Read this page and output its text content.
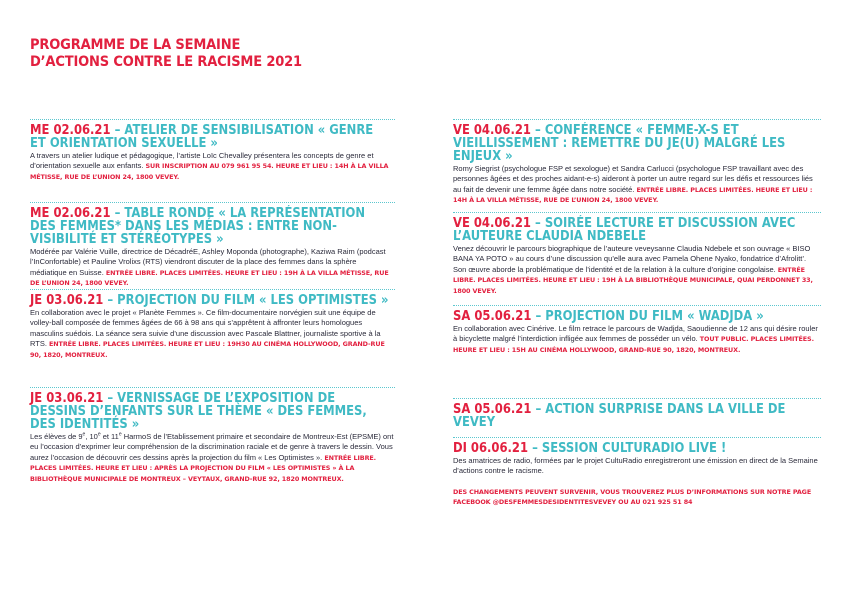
PROGRAMME DE LA SEMAINE
D’ACTIONS CONTRE LE RACISME 2021
ME 02.06.21 – ATELIER DE SENSIBILISATION « GENRE ET ORIENTATION SEXUELLE »
A travers un atelier ludique et pédagogique, l’artiste Loïc Chevalley présentera les concepts de genre et d’orientation sexuelle aux enfants. SUR INSCRIPTION AU 079 961 95 54. HEURE ET LIEU : 14H À LA VILLA MÉTISSE, RUE DE L’UNION 24, 1800 VEVEY.
ME 02.06.21 – TABLE RONDE « LA REPRÉSENTATION DES FEMMES* DANS LES MÉDIAS : ENTRE NON-VISIBILITÉ ET STÉRÉOTYPES »
Modérée par Valérie Vuille, directrice de DécadréE, Ashley Moponda (photographe), Kaziwa Raim (podcast l’InConfortable) et Pauline Vrolixs (RTS) viendront discuter de la place des femmes dans la sphère médiatique en Suisse. ENTRÉE LIBRE. PLACES LIMITÉES. HEURE ET LIEU : 19H À LA VILLA MÉTISSE, RUE DE L’UNION 24, 1800 VEVEY.
JE 03.06.21 – PROJECTION DU FILM « LES OPTIMISTES »
En collaboration avec le projet « Planète Femmes ». Ce film-documentaire norvégien suit une équipe de volley-ball composée de femmes âgées de 66 à 98 ans qui s’apprêtent à affronter leurs homologues masculins suédois. La séance sera suivie d’une discussion avec Pascale Blattner, journaliste sportive à la RTS. ENTRÉE LIBRE. PLACES LIMITÉES. HEURE ET LIEU : 19H30 AU CINÉMA HOLLYWOOD, GRAND-RUE 90, 1820, MONTREUX.
JE 03.06.21 – VERNISSAGE DE L’EXPOSITION DE DESSINS D’ENFANTS SUR LE THÈME « DES FEMMES, DES IDENTITÉS »
Les élèves de 9e, 10e et 11e HarmoS de l’Etablissement primaire et secondaire de Montreux-Est (EPSME) ont eu l’occasion d’exprimer leur compréhension de la discrimination raciale et de genre à travers le dessin. Vous aurez l’occasion de découvrir ces dessins après la projection du film « Les Optimistes ». ENTRÉE LIBRE. PLACES LIMITÉES. HEURE ET LIEU : APRÈS LA PROJECTION DU FILM « LES OPTIMISTES » À LA BIBLIOTHÈQUE MUNICIPALE DE MONTREUX – VEYTAUX, GRAND-RUE 92, 1820 MONTREUX.
VE 04.06.21 – CONFÉRENCE « FEMME-X-S ET VIEILLISSEMENT : REMETTRE DU JE(U) MALGRÉ LES ENJEUX »
Romy Siegrist (psychologue FSP et sexologue) et Sandra Carlucci (psychologue FSP travaillant avec des personnes âgées et des proches aidant-e-s) aideront à porter un autre regard sur les défis et ressources liés au fait de devenir une femme âgée dans notre société. ENTRÉE LIBRE. PLACES LIMITÉES. HEURE ET LIEU : 14H À LA VILLA MÉTISSE, RUE DE L’UNION 24, 1800 VEVEY.
VE 04.06.21 – SOIRÉE LECTURE ET DISCUSSION AVEC L’AUTEURE CLAUDIA NDEBELE
Venez découvrir le parcours biographique de l’auteure veveysanne Claudia Ndebele et son ouvrage « BISO BANA YA POTO » au cours d’une discussion qu’elle aura avec Pamela Ohene Nyako, fondatrice d’Afrolitt’. Son œuvre aborde la problématique de l’identité et de la relation à la culture d’origine congolaise. ENTRÉE LIBRE. PLACES LIMITÉES. HEURE ET LIEU : 19H À LA BIBLIOTHÈQUE MUNICIPALE, QUAI PERDONNET 33, 1800 VEVEY.
SA 05.06.21 – PROJECTION DU FILM « WADJDA »
En collaboration avec Cinérive. Le film retrace le parcours de Wadjda, Saoudienne de 12 ans qui désire rouler à bicyclette malgré l’interdiction infligée aux femmes de posséder un vélo. TOUT PUBLIC. PLACES LIMITÉES. HEURE ET LIEU : 15H AU CINÉMA HOLLYWOOD, GRAND-RUE 90, 1820, MONTREUX.
SA 05.06.21 – ACTION SURPRISE DANS LA VILLE DE VEVEY
DI 06.06.21 – SESSION CULTURADIO LIVE !
Des amatrices de radio, formées par le projet CultuRadio enregistreront une émission en direct de la Semaine d’actions contre le racisme.
DES CHANGEMENTS PEUVENT SURVENIR, VOUS TROUVEREZ PLUS D’INFORMATIONS SUR NOTRE PAGE FACEBOOK @DESFEMMESDESIDENTITESVEVEY OU AU 021 925 51 84
